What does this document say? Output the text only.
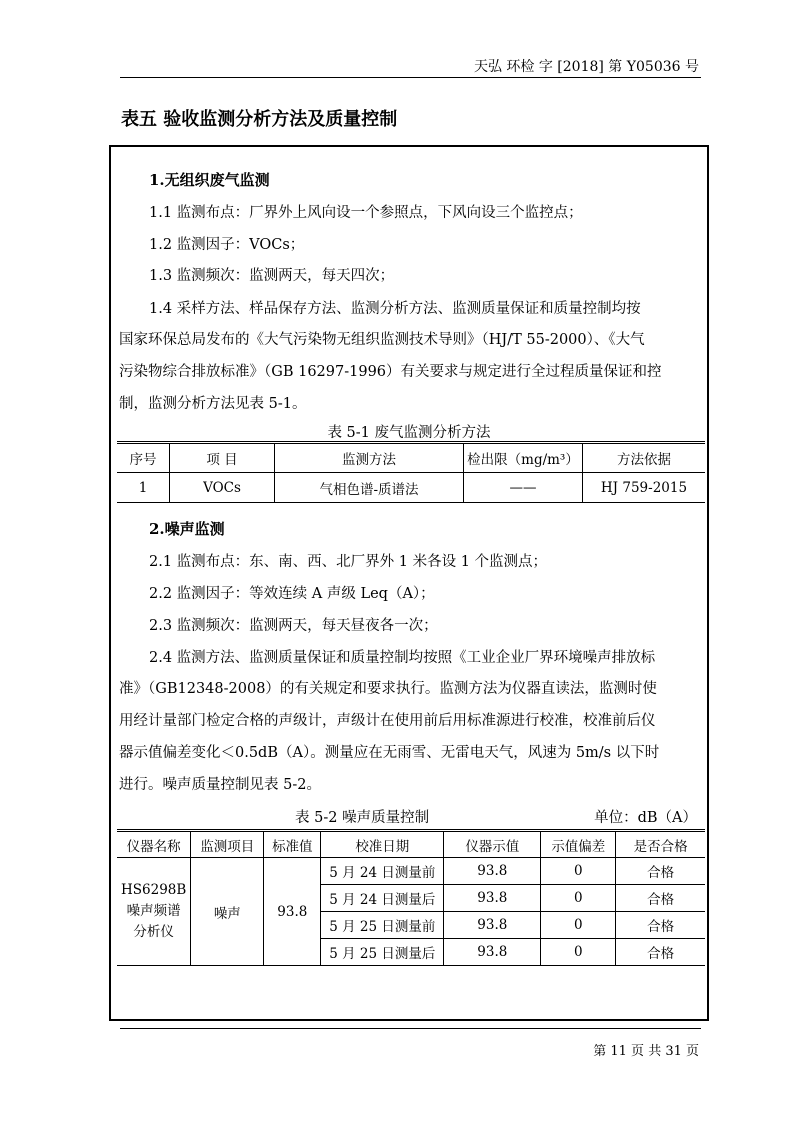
天弘 环检 字 [2018] 第 Y05036 号
表五 验收监测分析方法及质量控制
1.无组织废气监测
1.1 监测布点：厂界外上风向设一个参照点，下风向设三个监控点；
1.2 监测因子：VOCs；
1.3 监测频次：监测两天，每天四次；
1.4 采样方法、样品保存方法、监测分析方法、监测质量保证和质量控制均按
国家环保总局发布的《大气污染物无组织监测技术导则》（HJ/T 55-2000）、《大气
污染物综合排放标准》（GB 16297-1996）有关要求与规定进行全过程质量保证和控
制，监测分析方法见表 5-1。
表 5-1 废气监测分析方法
序号	项 目	监测方法	检出限（mg/m³）	方法依据
1	VOCs	气相色谱-质谱法	——	HJ 759-2015
2.噪声监测
2.1 监测布点：东、南、西、北厂界外 1 米各设 1 个监测点；
2.2 监测因子：等效连续 A 声级 Leq（A）；
2.3 监测频次：监测两天，每天昼夜各一次；
2.4 监测方法、监测质量保证和质量控制均按照《工业企业厂界环境噪声排放标
准》（GB12348-2008）的有关规定和要求执行。监测方法为仪器直读法，监测时使
用经计量部门检定合格的声级计，声级计在使用前后用标准源进行校准，校准前后仪
器示值偏差变化＜0.5dB（A）。测量应在无雨雪、无雷电天气，风速为 5m/s 以下时
进行。噪声质量控制见表 5-2。
表 5-2 噪声质量控制	单位：dB（A）
仪器名称	监测项目	标准值	校准日期	仪器示值	示值偏差	是否合格
HS6298B 噪声频谱 分析仪	噪声	93.8	5 月 24 日测量前	93.8	0	合格
			5 月 24 日测量后	93.8	0	合格
			5 月 25 日测量前	93.8	0	合格
			5 月 25 日测量后	93.8	0	合格
第 11 页 共 31 页
